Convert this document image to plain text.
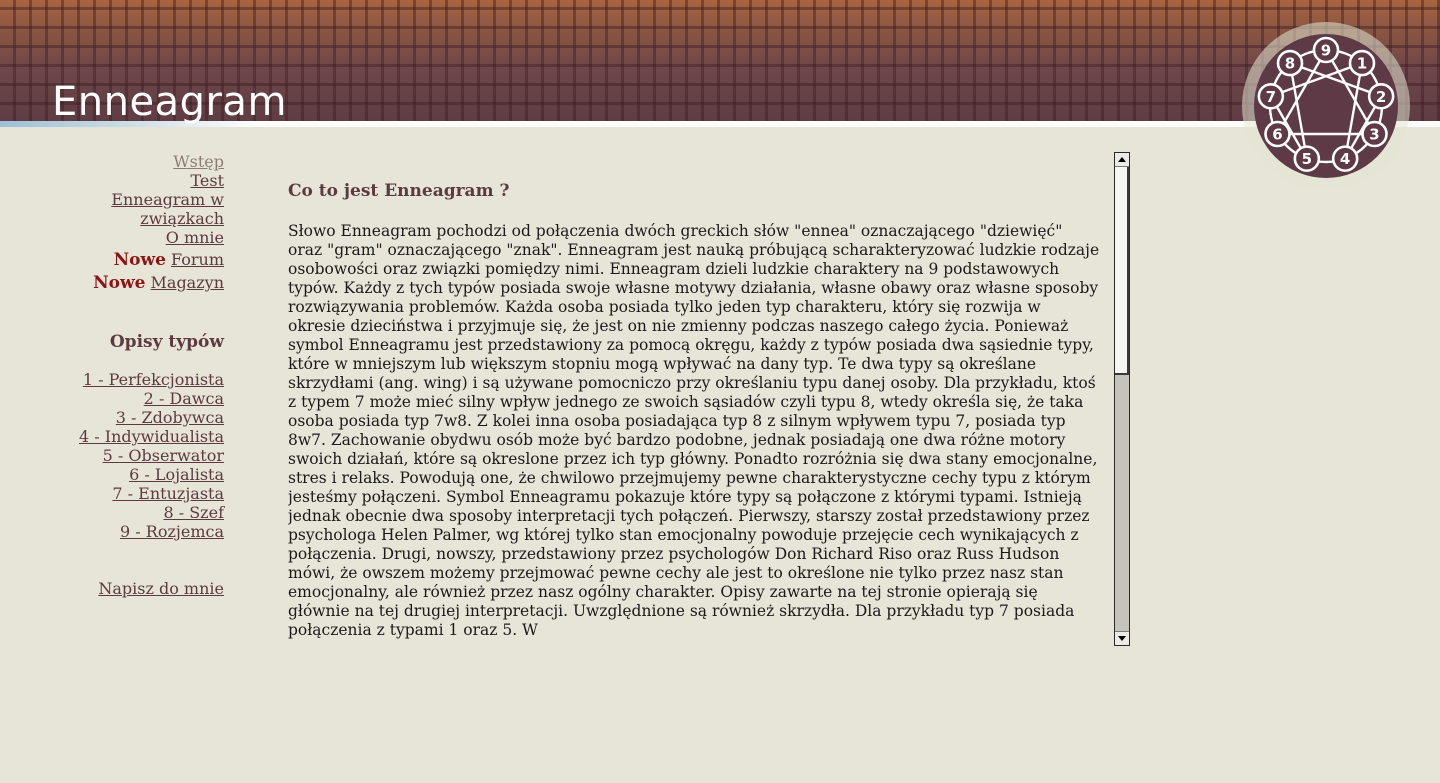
Enneagram
9
1
2
3
4
5
6
7
8
Wstęp
Test
Enneagram w związkach
O mnie
Nowe Forum
Nowe Magazyn
Opisy typów
1 - Perfekcjonista
2 - Dawca
3 - Zdobywca
4 - Indywidualista
5 - Obserwator
6 - Lojalista
7 - Entuzjasta
8 - Szef
9 - Rozjemca
Napisz do mnie
Co to jest Enneagram ?

Słowo Enneagram pochodzi od połączenia dwóch greckich słów "ennea" oznaczającego "dziewięć" oraz "gram" oznaczającego "znak". Enneagram jest nauką próbującą scharakteryzować ludzkie rodzaje osobowości oraz związki pomiędzy nimi. Enneagram dzieli ludzkie charaktery na 9 podstawowych typów. Każdy z tych typów posiada swoje własne motywy działania, własne obawy oraz własne sposoby rozwiązywania problemów. Każda osoba posiada tylko jeden typ charakteru, który się rozwija w okresie dzieciństwa i przyjmuje się, że jest on nie zmienny podczas naszego całego życia. Ponieważ symbol Enneagramu jest przedstawiony za pomocą okręgu, każdy z typów posiada dwa sąsiednie typy, które w mniejszym lub większym stopniu mogą wpływać na dany typ. Te dwa typy są określane skrzydłami (ang. wing) i są używane pomocniczo przy określaniu typu danej osoby. Dla przykładu, ktoś z typem 7 może mieć silny wpływ jednego ze swoich sąsiadów czyli typu 8, wtedy określa się, że taka osoba posiada typ 7w8. Z kolei inna osoba posiadająca typ 8 z silnym wpływem typu 7, posiada typ 8w7. Zachowanie obydwu osób może być bardzo podobne, jednak posiadają one dwa różne motory swoich działań, które są okreslone przez ich typ główny. Ponadto rozróżnia się dwa stany emocjonalne, stres i relaks. Powodują one, że chwilowo przejmujemy pewne charakterystyczne cechy typu z którym jesteśmy połączeni. Symbol Enneagramu pokazuje które typy są połączone z którymi typami. Istnieją jednak obecnie dwa sposoby interpretacji tych połączeń. Pierwszy, starszy został przedstawiony przez psychologa Helen Palmer, wg której tylko stan emocjonalny powoduje przejęcie cech wynikających z połączenia. Drugi, nowszy, przedstawiony przez psychologów Don Richard Riso oraz Russ Hudson mówi, że owszem możemy przejmować pewne cechy ale jest to określone nie tylko przez nasz stan emocjonalny, ale również przez nasz ogólny charakter. Opisy zawarte na tej stronie opierają się głównie na tej drugiej interpretacji. Uwzględnione są również skrzydła. Dla przykładu typ 7 posiada połączenia z typami 1 oraz 5. W
